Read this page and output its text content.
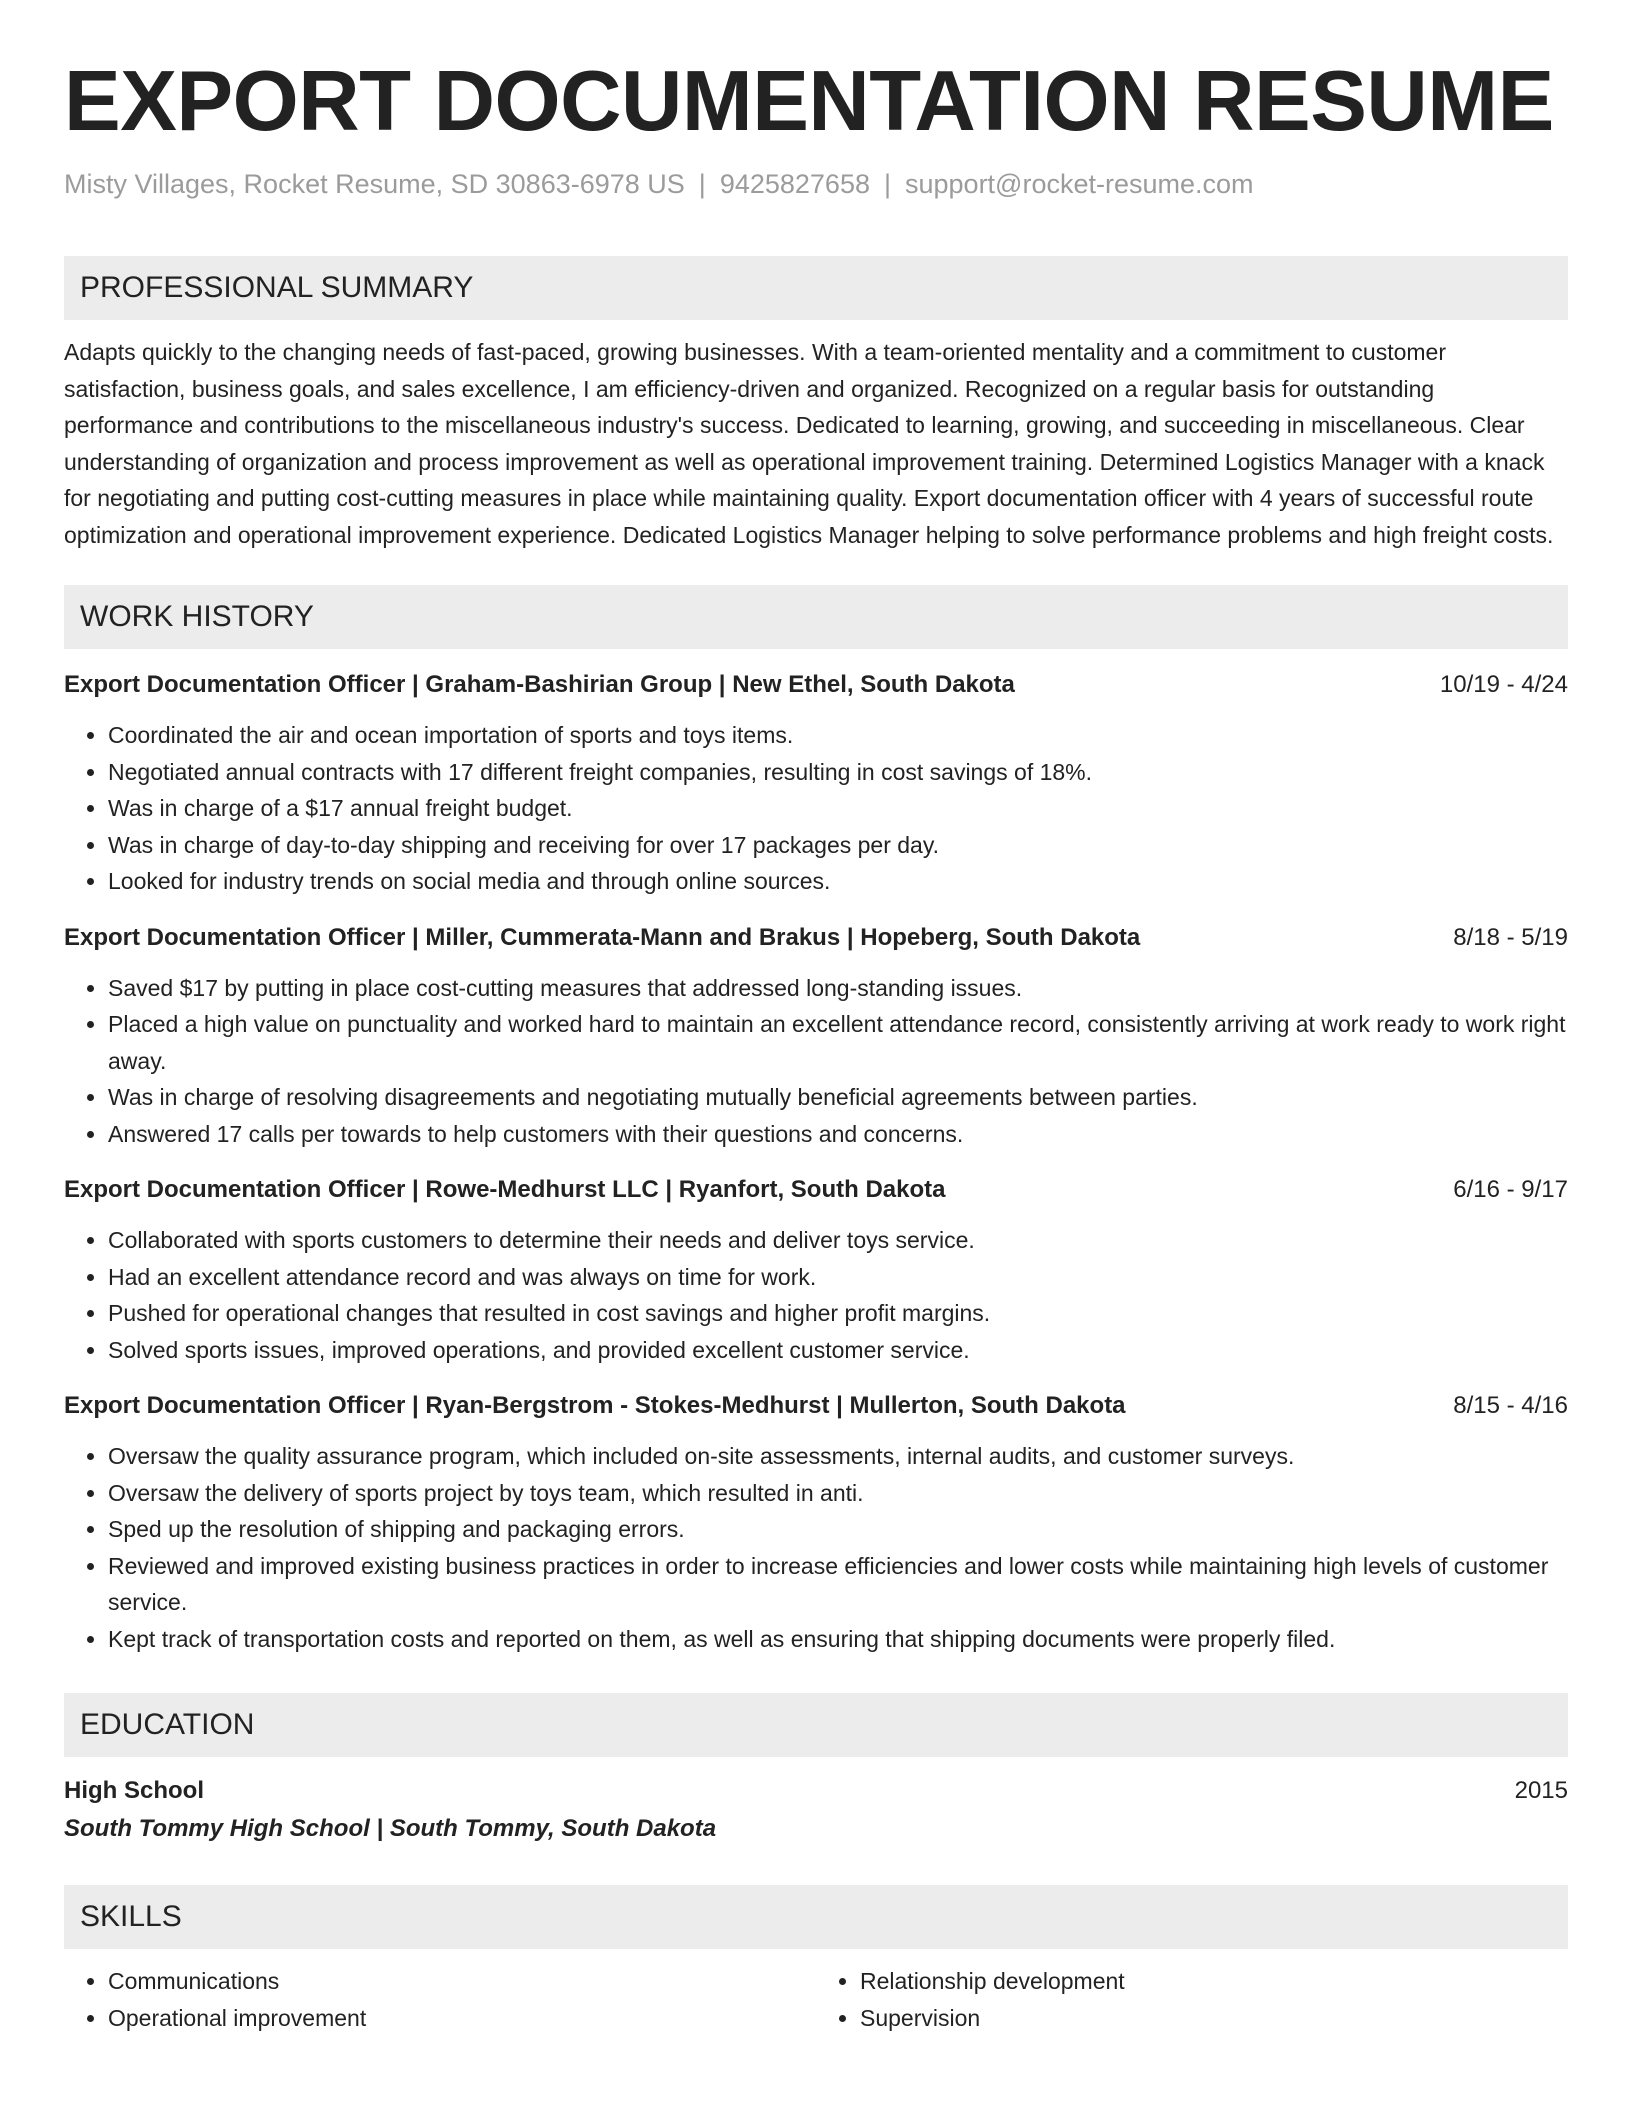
EXPORT DOCUMENTATION RESUME
Misty Villages, Rocket Resume, SD 30863-6978 US | 9425827658 | support@rocket-resume.com
PROFESSIONAL SUMMARY

Adapts quickly to the changing needs of fast-paced, growing businesses. With a team-oriented mentality and a commitment to customer satisfaction, business goals, and sales excellence, I am efficiency-driven and organized. Recognized on a regular basis for outstanding performance and contributions to the miscellaneous industry's success. Dedicated to learning, growing, and succeeding in miscellaneous. Clear understanding of organization and process improvement as well as operational improvement training. Determined Logistics Manager with a knack for negotiating and putting cost-cutting measures in place while maintaining quality. Export documentation officer with 4 years of successful route optimization and operational improvement experience. Dedicated Logistics Manager helping to solve performance problems and high freight costs.

WORK HISTORY
Export Documentation Officer | Graham-Bashirian Group | New Ethel, South Dakota	10/19 - 4/24
• Coordinated the air and ocean importation of sports and toys items.
• Negotiated annual contracts with 17 different freight companies, resulting in cost savings of 18%.
• Was in charge of a $17 annual freight budget.
• Was in charge of day-to-day shipping and receiving for over 17 packages per day.
• Looked for industry trends on social media and through online sources.
Export Documentation Officer | Miller, Cummerata-Mann and Brakus | Hopeberg, South Dakota	8/18 - 5/19
• Saved $17 by putting in place cost-cutting measures that addressed long-standing issues.
• Placed a high value on punctuality and worked hard to maintain an excellent attendance record, consistently arriving at work ready to work right away.
• Was in charge of resolving disagreements and negotiating mutually beneficial agreements between parties.
• Answered 17 calls per towards to help customers with their questions and concerns.
Export Documentation Officer | Rowe-Medhurst LLC | Ryanfort, South Dakota	6/16 - 9/17
• Collaborated with sports customers to determine their needs and deliver toys service.
• Had an excellent attendance record and was always on time for work.
• Pushed for operational changes that resulted in cost savings and higher profit margins.
• Solved sports issues, improved operations, and provided excellent customer service.
Export Documentation Officer | Ryan-Bergstrom - Stokes-Medhurst | Mullerton, South Dakota	8/15 - 4/16
• Oversaw the quality assurance program, which included on-site assessments, internal audits, and customer surveys.
• Oversaw the delivery of sports project by toys team, which resulted in anti.
• Sped up the resolution of shipping and packaging errors.
• Reviewed and improved existing business practices in order to increase efficiencies and lower costs while maintaining high levels of customer service.
• Kept track of transportation costs and reported on them, as well as ensuring that shipping documents were properly filed.
EDUCATION
High School	2015
South Tommy High School | South Tommy, South Dakota
SKILLS
• Communications
• Operational improvement
• Relationship development
• Supervision
